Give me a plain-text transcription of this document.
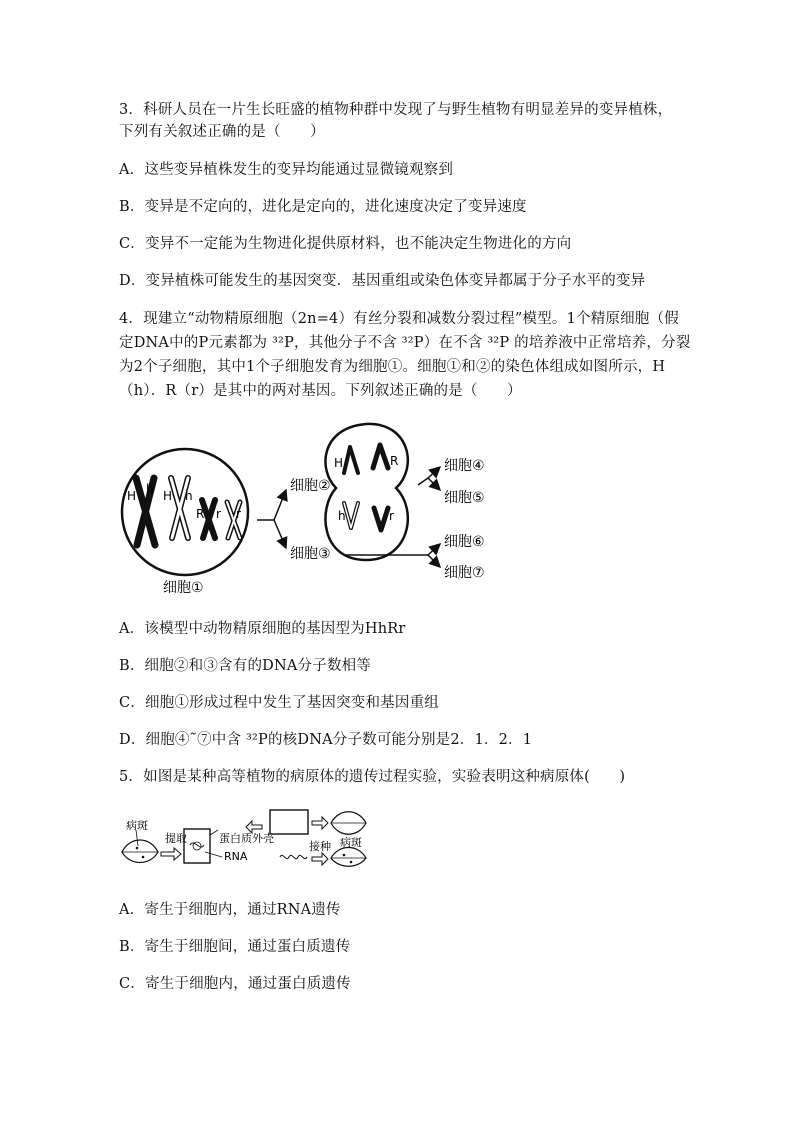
3．科研人员在一片生长旺盛的植物种群中发现了与野生植物有明显差异的变异植株，
下列有关叙述正确的是（　　）
A．这些变异植株发生的变异均能通过显微镜观察到
B．变异是不定向的，进化是定向的，进化速度决定了变异速度
C．变异不一定能为生物进化提供原材料，也不能决定生物进化的方向
D．变异植株可能发生的基因突变．基因重组或染色体变异都属于分子水平的变异
4．现建立“动物精原细胞（2n=4）有丝分裂和减数分裂过程”模型。1个精原细胞（假
定DNA中的P元素都为 ³²P，其他分子不含 ³²P）在不含 ³²P 的培养液中正常培养，分裂
为2个子细胞，其中1个子细胞发育为细胞①。细胞①和②的染色体组成如图所示，H
（h）．R（r）是其中的两对基因。下列叙述正确的是（　　）
H h H h
R r r
细胞①
细胞②
细胞③
H	R
h	r
细胞④
细胞⑤
细胞⑥
细胞⑦
A．该模型中动物精原细胞的基因型为HhRr
B．细胞②和③含有的DNA分子数相等
C．细胞①形成过程中发生了基因突变和基因重组
D．细胞④˜⑦中含 ³²P的核DNA分子数可能分别是2．1．2．1
5．如图是某种高等植物的病原体的遗传过程实验，实验表明这种病原体(　　)
病斑
提取	蛋白质外壳
RNA
接种 病斑
A．寄生于细胞内，通过RNA遗传
B．寄生于细胞间，通过蛋白质遗传
C．寄生于细胞内，通过蛋白质遗传
